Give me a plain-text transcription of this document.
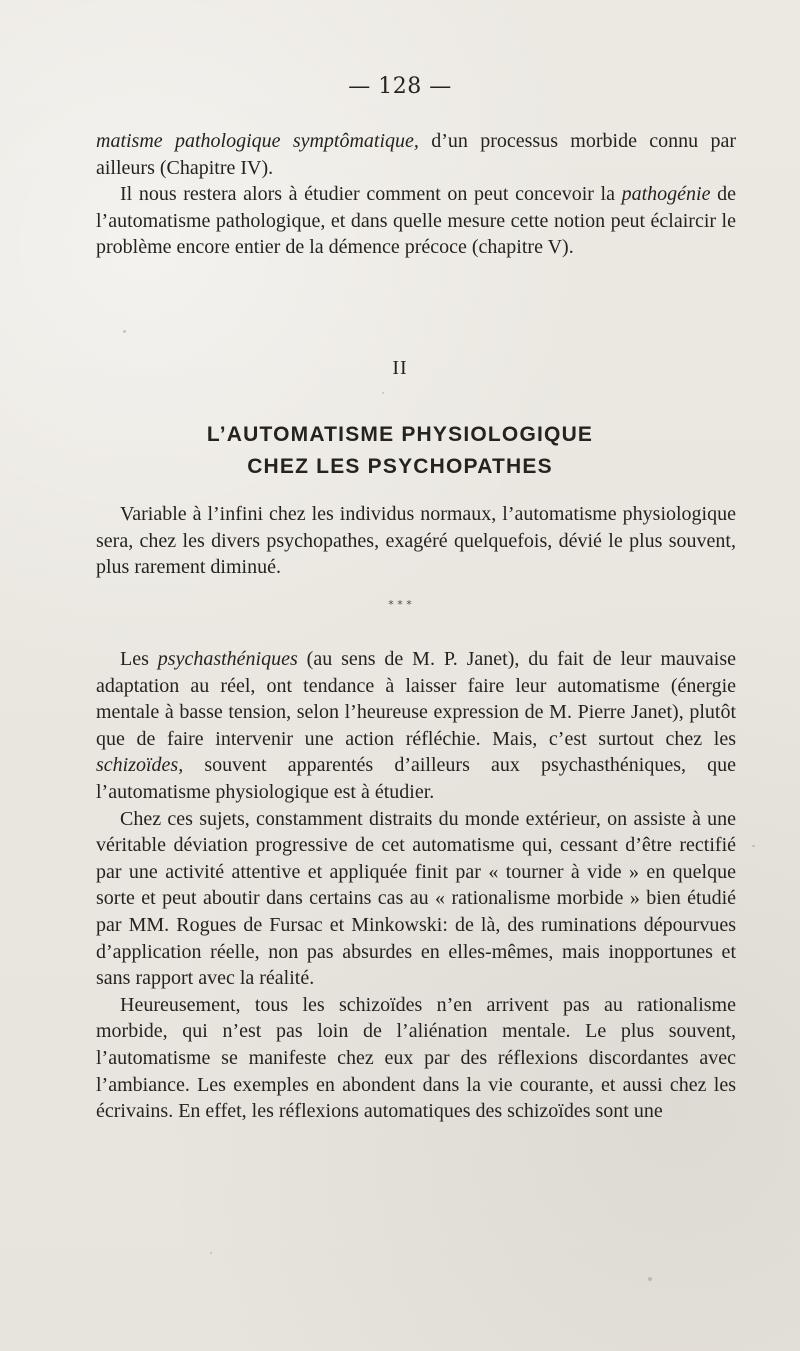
— 128 —

matisme pathologique symptômatique, d’un processus morbide connu par ailleurs (Chapitre IV).

Il nous restera alors à étudier comment on peut concevoir la pathogénie de l’automatisme pathologique, et dans quelle mesure cette notion peut éclaircir le problème encore entier de la démence précoce (chapitre V).

II
L’AUTOMATISME PHYSIOLOGIQUE
CHEZ LES PSYCHOPATHES

Variable à l’infini chez les individus normaux, l’automatisme physiologique sera, chez les divers psychopathes, exagéré quelquefois, dévié le plus souvent, plus rarement diminué.

* * *

Les psychasthéniques (au sens de M. P. Janet), du fait de leur mauvaise adaptation au réel, ont tendance à laisser faire leur automatisme (énergie mentale à basse tension, selon l’heureuse expression de M. Pierre Janet), plutôt que de faire intervenir une action réfléchie. Mais, c’est surtout chez les schizoïdes, souvent apparentés d’ailleurs aux psychasthéniques, que l’automatisme physiologique est à étudier.

Chez ces sujets, constamment distraits du monde extérieur, on assiste à une véritable déviation progressive de cet automatisme qui, cessant d’être rectifié par une activité attentive et appliquée finit par « tourner à vide » en quelque sorte et peut aboutir dans certains cas au « rationalisme morbide » bien étudié par MM. Rogues de Fursac et Minkowski: de là, des ruminations dépourvues d’application réelle, non pas absurdes en elles-mêmes, mais inopportunes et sans rapport avec la réalité.

Heureusement, tous les schizoïdes n’en arrivent pas au rationalisme morbide, qui n’est pas loin de l’aliénation mentale. Le plus souvent, l’automatisme se manifeste chez eux par des réflexions discordantes avec l’ambiance. Les exemples en abondent dans la vie courante, et aussi chez les écrivains. En effet, les réflexions automatiques des schizoïdes sont une
